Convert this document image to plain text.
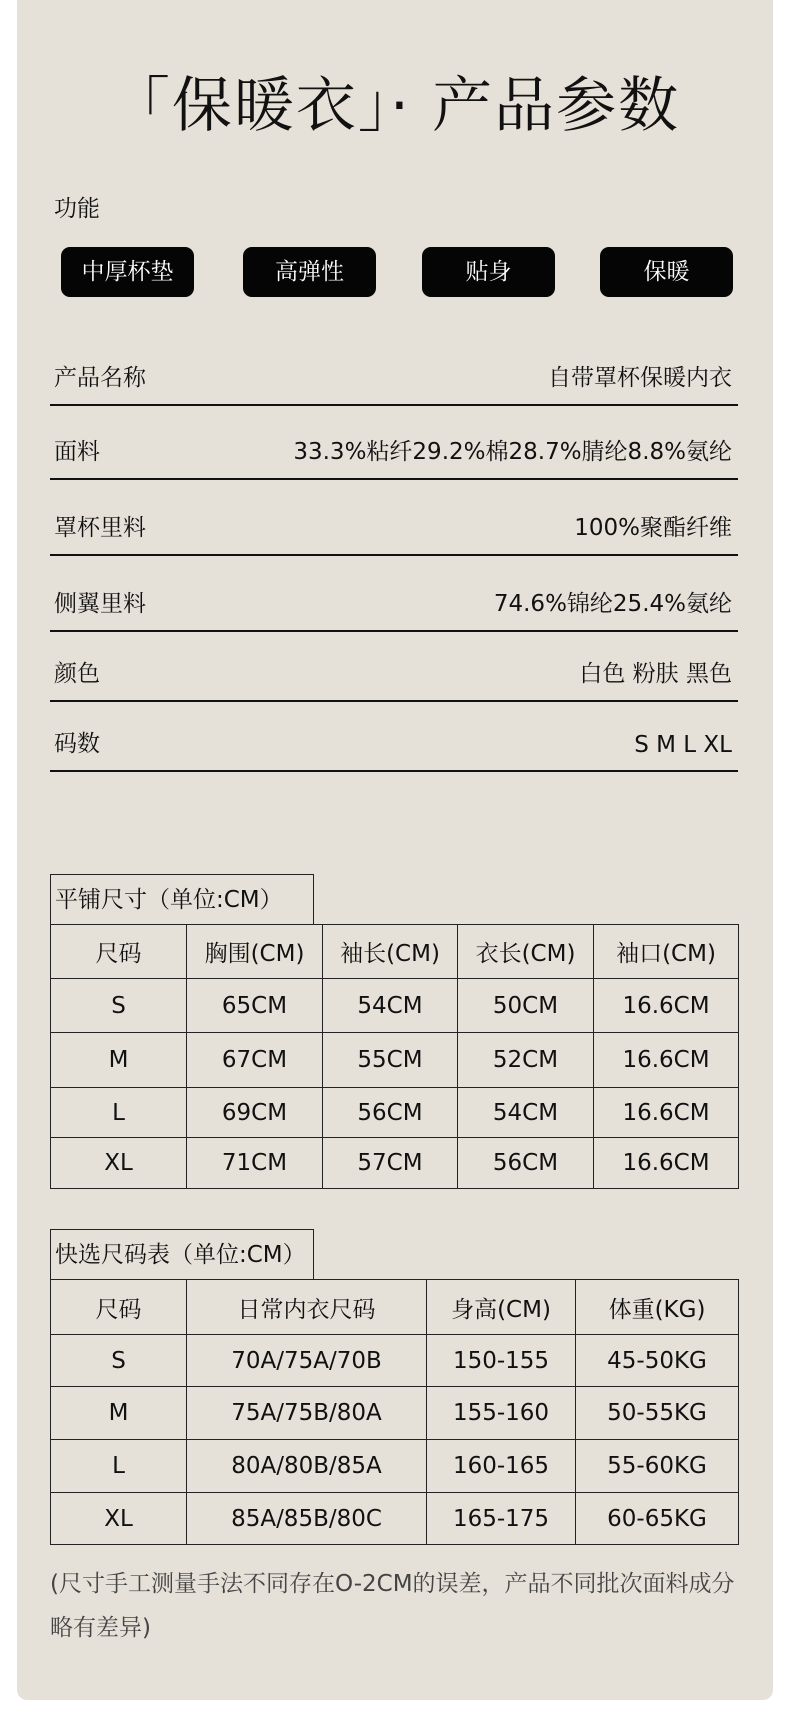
「保暖衣」· 产品参数
功能
中厚杯垫	高弹性	贴身	保暖
产品名称	自带罩杯保暖内衣
面料	33.3%粘纤29.2%棉28.7%腈纶8.8%氨纶
罩杯里料	100%聚酯纤维
侧翼里料	74.6%锦纶25.4%氨纶
颜色	白色 粉肤 黑色
码数	S M L XL
平铺尺寸（单位:CM）
尺码	胸围(CM)	袖长(CM)	衣长(CM)	袖口(CM)
S	65CM	54CM	50CM	16.6CM
M	67CM	55CM	52CM	16.6CM
L	69CM	56CM	54CM	16.6CM
XL	71CM	57CM	56CM	16.6CM
快选尺码表（单位:CM）
尺码	日常内衣尺码	身高(CM)	体重(KG)
S	70A/75A/70B	150-155	45-50KG
M	75A/75B/80A	155-160	50-55KG
L	80A/80B/85A	160-165	55-60KG
XL	85A/85B/80C	165-175	60-65KG
(尺寸手工测量手法不同存在O-2CM的误差，产品不同批次面料成分略有差异)
